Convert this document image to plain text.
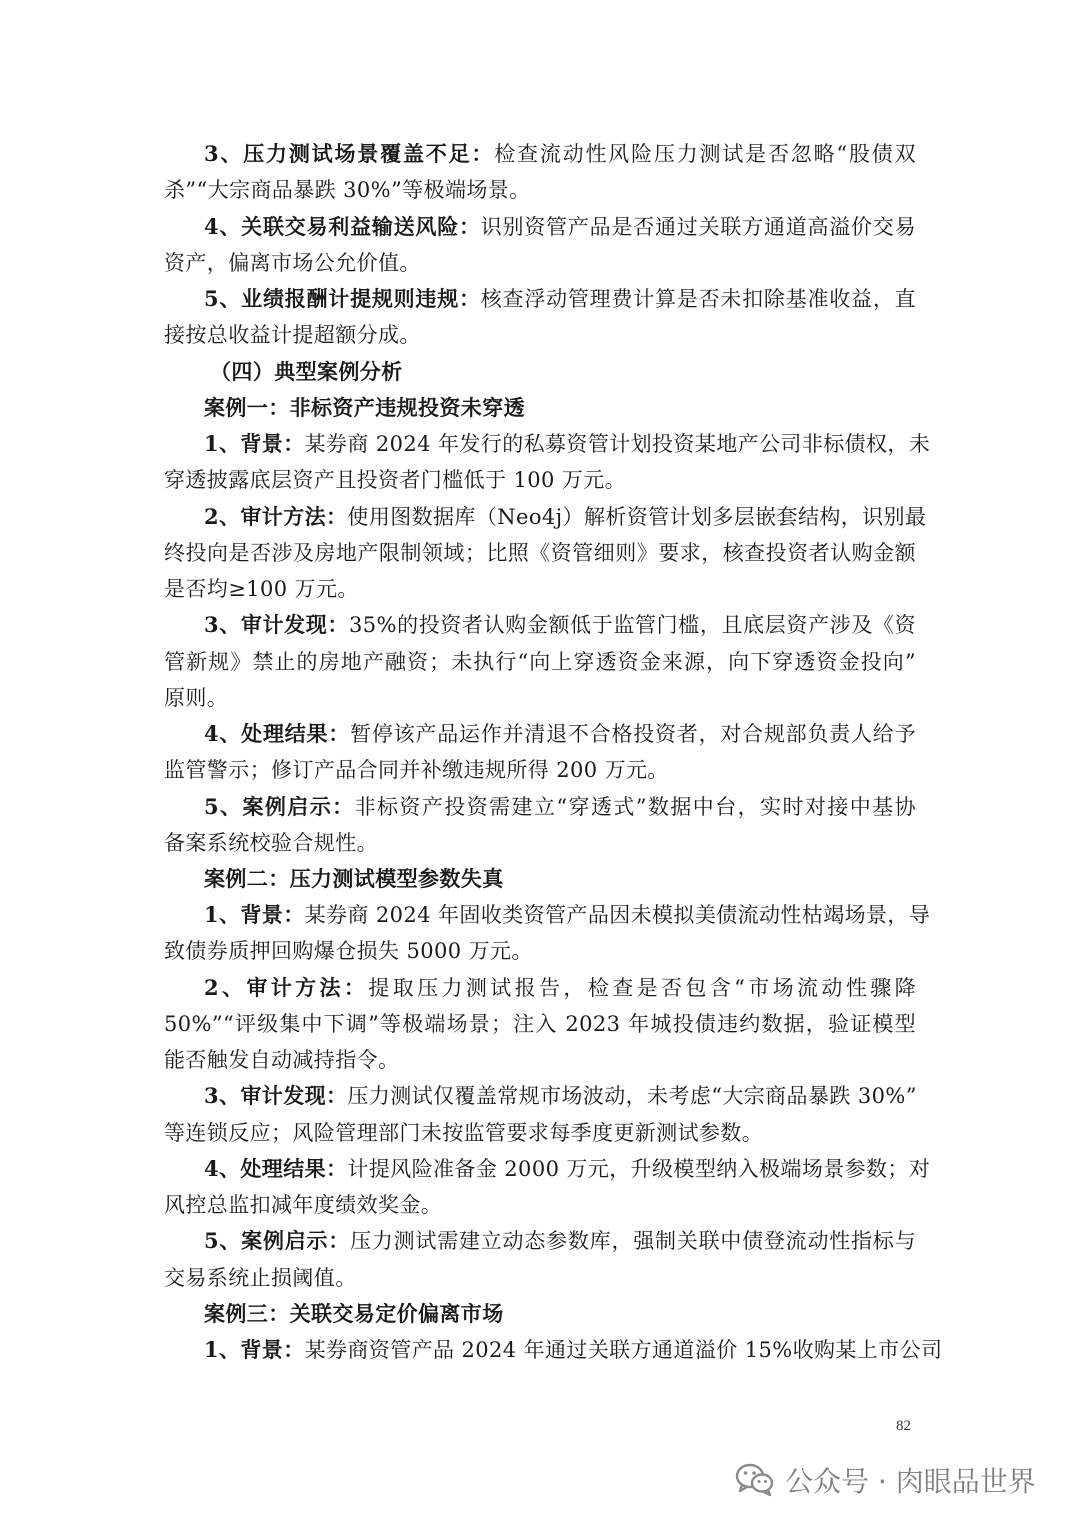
3、压力测试场景覆盖不足：检查流动性风险压力测试是否忽略“股债双
杀”“大宗商品暴跌 30%”等极端场景。
4、关联交易利益输送风险：识别资管产品是否通过关联方通道高溢价交易
资产，偏离市场公允价值。
5、业绩报酬计提规则违规：核查浮动管理费计算是否未扣除基准收益，直
接按总收益计提超额分成。
（四）典型案例分析
案例一：非标资产违规投资未穿透
1、背景：某券商 2024 年发行的私募资管计划投资某地产公司非标债权，未
穿透披露底层资产且投资者门槛低于 100 万元。
2、审计方法：使用图数据库（Neo4j）解析资管计划多层嵌套结构，识别最
终投向是否涉及房地产限制领域；比照《资管细则》要求，核查投资者认购金额
是否均≥100 万元。
3、审计发现：35%的投资者认购金额低于监管门槛，且底层资产涉及《资
管新规》禁止的房地产融资；未执行“向上穿透资金来源，向下穿透资金投向”
原则。
4、处理结果：暂停该产品运作并清退不合格投资者，对合规部负责人给予
监管警示；修订产品合同并补缴违规所得 200 万元。
5、案例启示：非标资产投资需建立“穿透式”数据中台，实时对接中基协
备案系统校验合规性。
案例二：压力测试模型参数失真
1、背景：某券商 2024 年固收类资管产品因未模拟美债流动性枯竭场景，导
致债券质押回购爆仓损失 5000 万元。
2、审计方法：提取压力测试报告，检查是否包含“市场流动性骤降
50%”“评级集中下调”等极端场景；注入 2023 年城投债违约数据，验证模型
能否触发自动减持指令。
3、审计发现：压力测试仅覆盖常规市场波动，未考虑“大宗商品暴跌 30%”
等连锁反应；风险管理部门未按监管要求每季度更新测试参数。
4、处理结果：计提风险准备金 2000 万元，升级模型纳入极端场景参数；对
风控总监扣减年度绩效奖金。
5、案例启示：压力测试需建立动态参数库，强制关联中债登流动性指标与
交易系统止损阈值。
案例三：关联交易定价偏离市场
1、背景：某券商资管产品 2024 年通过关联方通道溢价 15%收购某上市公司
82
公众号 · 肉眼品世界
